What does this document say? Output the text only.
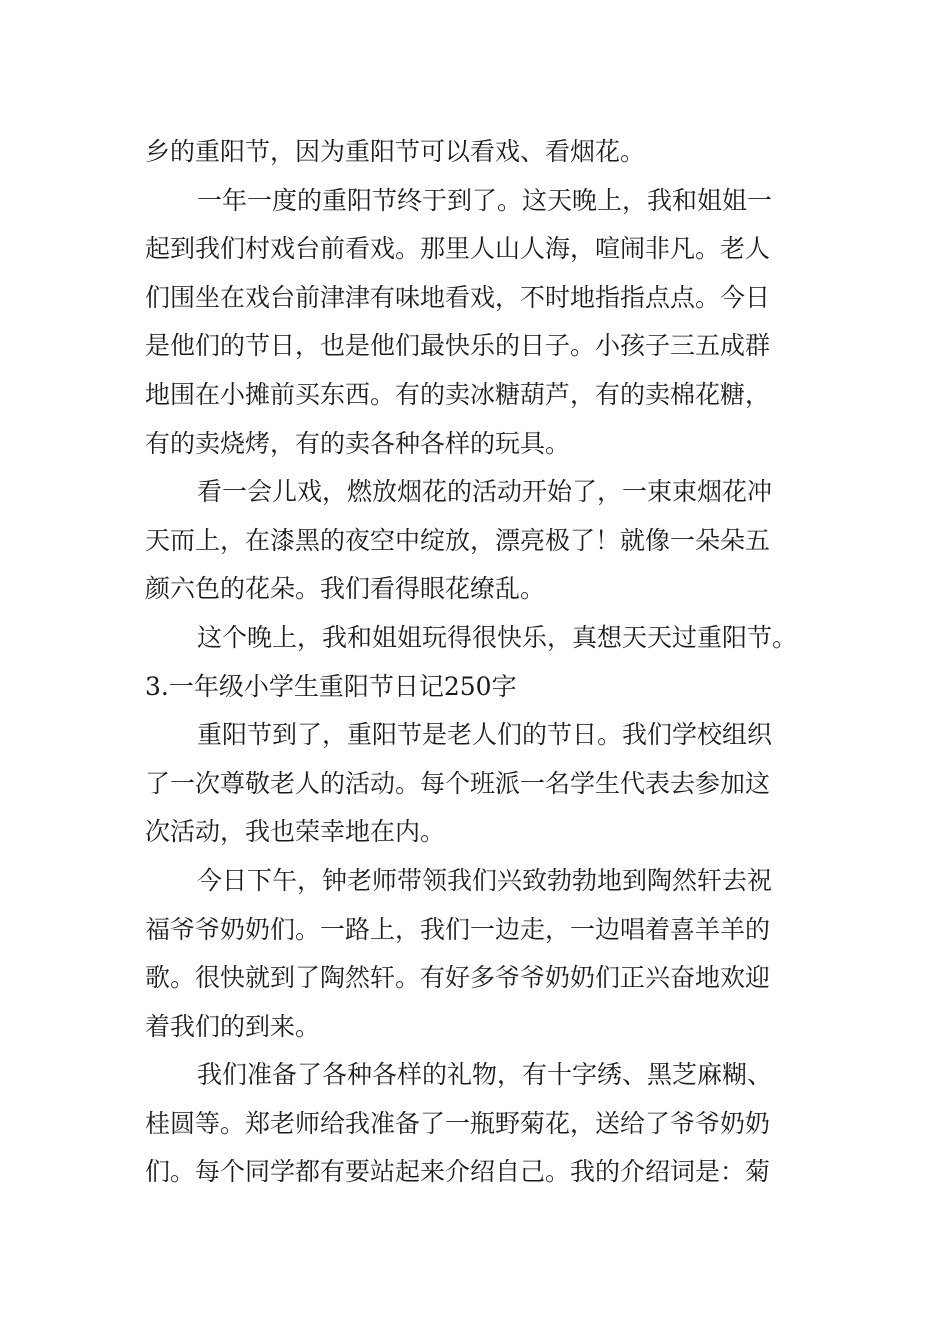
乡的重阳节，因为重阳节可以看戏、看烟花。
一年一度的重阳节终于到了。这天晚上，我和姐姐一
起到我们村戏台前看戏。那里人山人海，喧闹非凡。老人
们围坐在戏台前津津有味地看戏，不时地指指点点。今日
是他们的节日，也是他们最快乐的日子。小孩子三五成群
地围在小摊前买东西。有的卖冰糖葫芦，有的卖棉花糖，
有的卖烧烤，有的卖各种各样的玩具。
看一会儿戏，燃放烟花的活动开始了，一束束烟花冲
天而上，在漆黑的夜空中绽放，漂亮极了！就像一朵朵五
颜六色的花朵。我们看得眼花缭乱。
这个晚上，我和姐姐玩得很快乐，真想天天过重阳节。
3.一年级小学生重阳节日记250字
重阳节到了，重阳节是老人们的节日。我们学校组织
了一次尊敬老人的活动。每个班派一名学生代表去参加这
次活动，我也荣幸地在内。
今日下午，钟老师带领我们兴致勃勃地到陶然轩去祝
福爷爷奶奶们。一路上，我们一边走，一边唱着喜羊羊的
歌。很快就到了陶然轩。有好多爷爷奶奶们正兴奋地欢迎
着我们的到来。
我们准备了各种各样的礼物，有十字绣、黑芝麻糊、
桂圆等。郑老师给我准备了一瓶野菊花，送给了爷爷奶奶
们。每个同学都有要站起来介绍自己。我的介绍词是：菊
